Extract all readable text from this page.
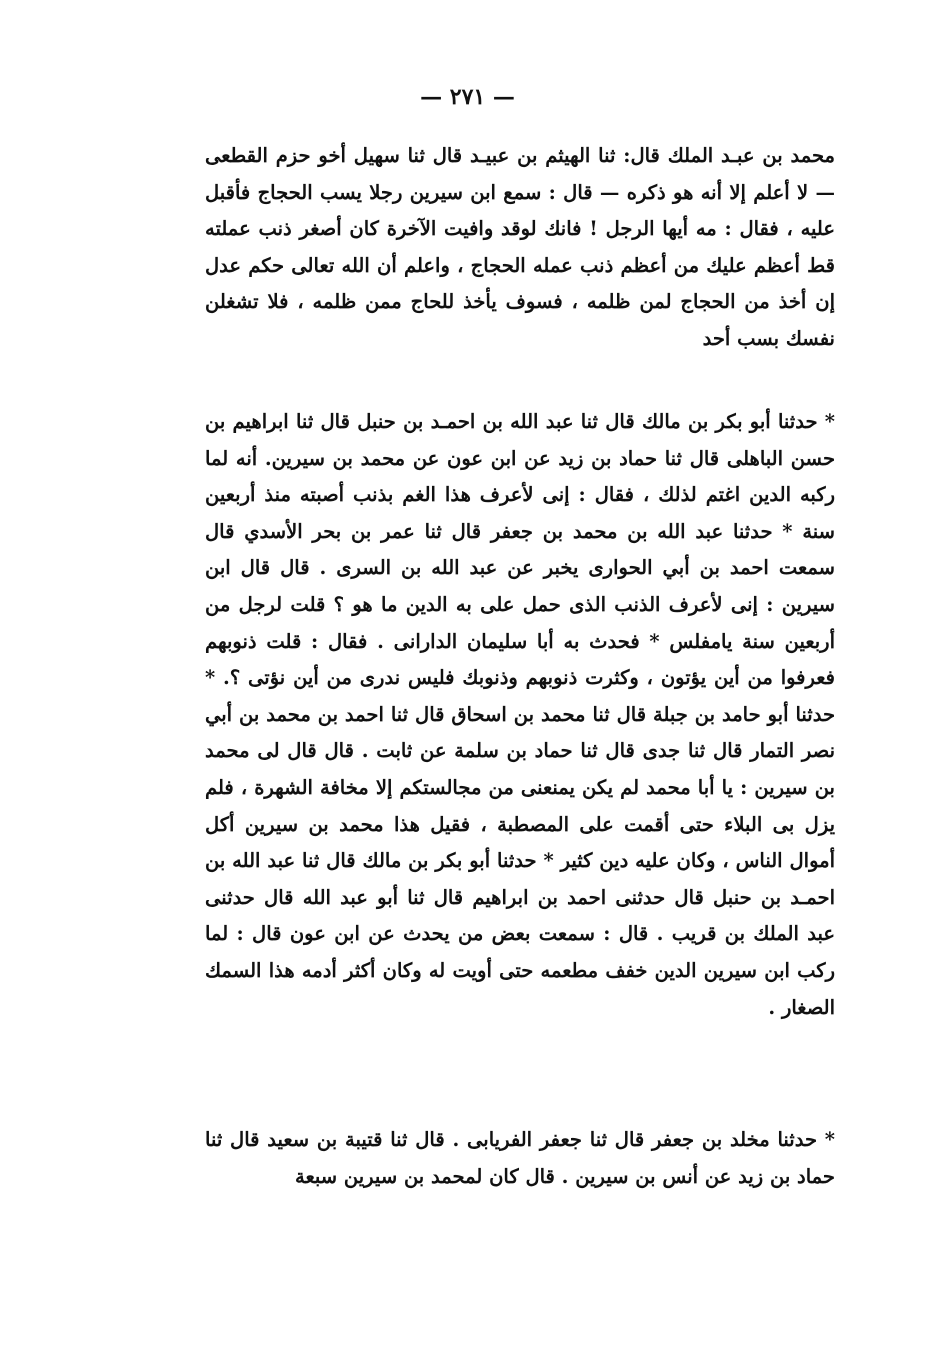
— ٢٧١ —

محمد بن عبـد الملك قال: ثنا الهيثم بن عبيـد قال ثنا سهيل أخو حزم القطعى — لا أعلم إلا أنه هو ذكره — قال : سمع ابن سيرين رجلا يسب الحجاج فأقبل عليه ، فقال : مه أيها الرجل ! فانك لوقد وافيت الآخرة كان أصغر ذنب عملته قط أعظم عليك من أعظم ذنب عمله الحجاج ، واعلم أن الله تعالى حكم عدل إن أخذ من الحجاج لمن ظلمه ، فسوف يأخذ للحاج ممن ظلمه ، فلا تشغلن نفسك بسب أحد

* حدثنا أبو بكر بن مالك قال ثنا عبد الله بن احمـد بن حنبل قال ثنا ابراهيم بن حسن الباهلى قال ثنا حماد بن زيد عن ابن عون عن محمد بن سيرين. أنه لما ركبه الدين اغتم لذلك ، فقال : إنى لأعرف هذا الغم بذنب أصبته منذ أربعين سنة * حدثنا عبد الله بن محمد بن جعفر قال ثنا عمر بن بحر الأسدي قال سمعت احمد بن أبي الحوارى يخبر عن عبد الله بن السرى . قال قال ابن سيرين : إنى لأعرف الذنب الذى حمل على به الدين ما هو ؟ قلت لرجل من أربعين سنة يامفلس * فحدث به أبا سليمان الدارانى . فقال : قلت ذنوبهم فعرفوا من أين يؤتون ، وكثرت ذنوبهم وذنوبك فليس ندرى من أين نؤتى ؟. * حدثنا أبو حامد بن جبلة قال ثنا محمد بن اسحاق قال ثنا احمد بن محمد بن أبي نصر التمار قال ثنا جدى قال ثنا حماد بن سلمة عن ثابت . قال قال لى محمد بن سيرين : يا أبا محمد لم يكن يمنعنى من مجالستكم إلا مخافة الشهرة ، فلم يزل بى البلاء حتى أقمت على المصطبة ، فقيل هذا محمد بن سيرين أكل أموال الناس ، وكان عليه دين كثير * حدثنا أبو بكر بن مالك قال ثنا عبد الله بن احمـد بن حنبل قال حدثنى احمد بن ابراهيم قال ثنا أبو عبد الله قال حدثنى عبد الملك بن قريب . قال : سمعت بعض من يحدث عن ابن عون قال : لما ركب ابن سيرين الدين خفف مطعمه حتى أويت له وكان أكثر أدمه هذا السمك الصغار .

* حدثنا مخلد بن جعفر قال ثنا جعفر الفريابى . قال ثنا قتيبة بن سعيد قال ثنا حماد بن زيد عن أنس بن سيرين . قال كان لمحمد بن سيرين سبعة
